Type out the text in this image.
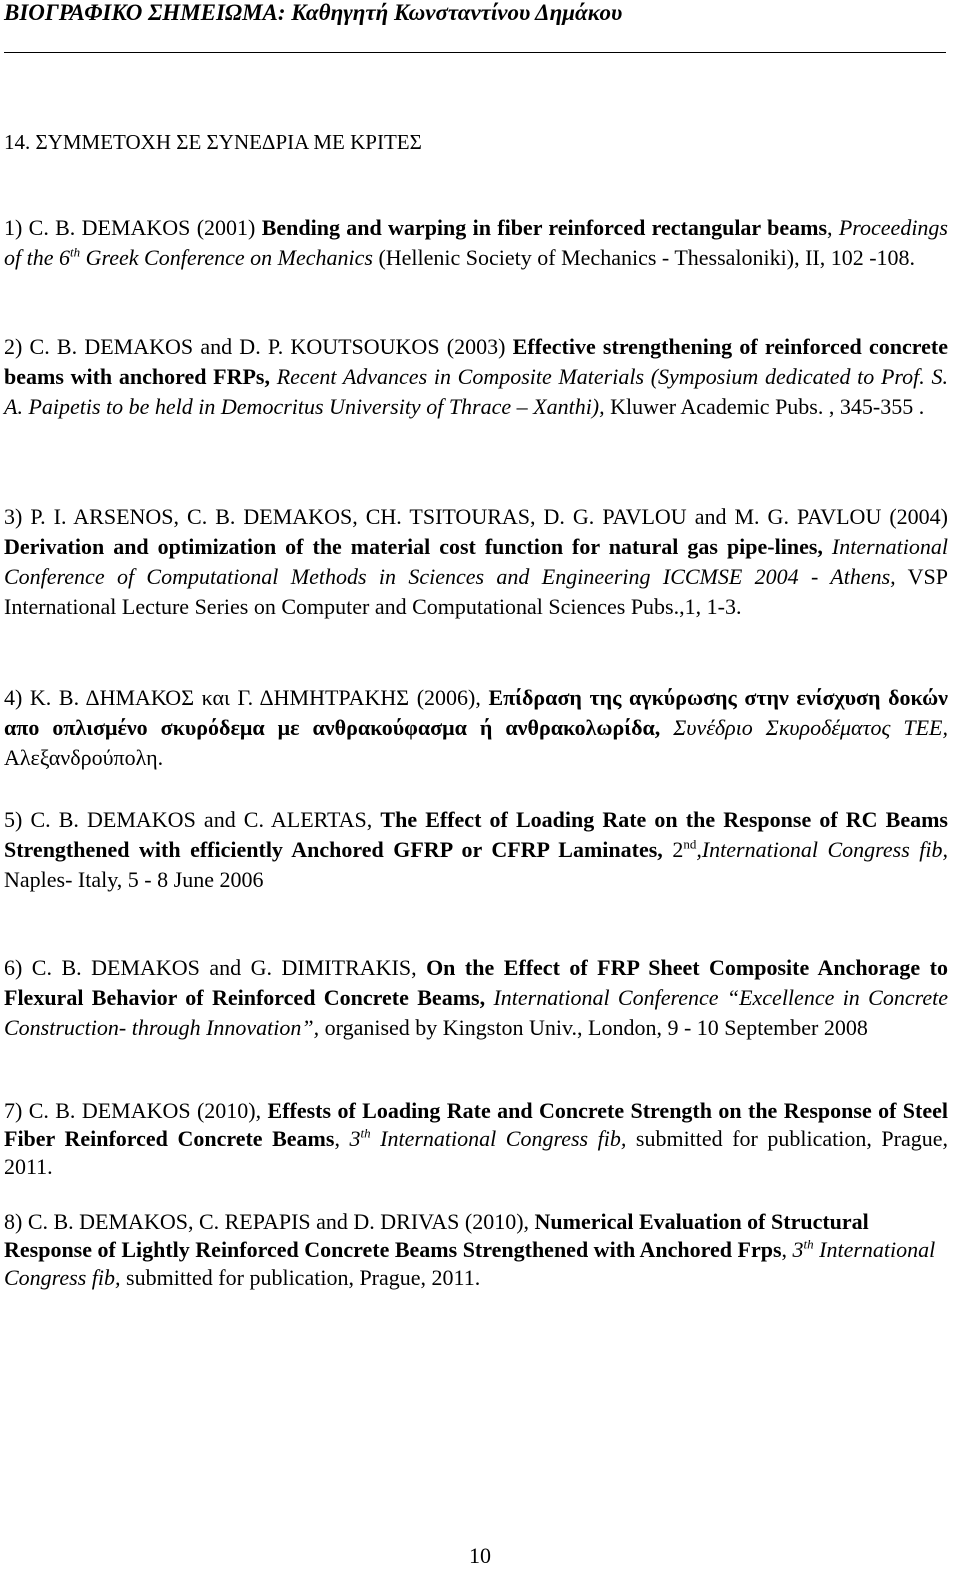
ΒΙΟΓΡΑΦΙΚΟ ΣΗΜΕΙΩΜΑ: Καθηγητή Κωνσταντίνου Δημάκου
14. ΣΥΜΜΕΤΟΧΗ ΣΕ ΣΥΝΕΔΡΙΑ ΜΕ ΚΡΙΤΕΣ
1) C. B. DEMAKOS (2001) Bending and warping in fiber reinforced rectangular beams, Proceedings of the 6th Greek Conference on Mechanics (Hellenic Society of Mechanics - Thessaloniki), II, 102 -108.
2) C. B. DEMAKOS and D. P. KOUTSOUKOS (2003) Effective strengthening of reinforced concrete beams with anchored FRPs, Recent Advances in Composite Materials (Symposium dedicated to Prof. S. A. Paipetis to be held in Democritus University of Thrace – Xanthi), Kluwer Academic Pubs. , 345-355 .
3) P. I. ARSENOS, C. B. DEMAKOS, CH. TSITOURAS, D. G. PAVLOU and M. G. PAVLOU (2004) Derivation and optimization of the material cost function for natural gas pipe-lines, International Conference of Computational Methods in Sciences and Engineering ICCMSE 2004 - Athens, VSP International Lecture Series on Computer and Computational Sciences Pubs.,1, 1-3.
4) Κ. Β. ΔΗΜΑΚΟΣ και Γ. ΔΗΜΗΤΡΑΚΗΣ (2006), Επίδραση της αγκύρωσης στην ενίσχυση δοκών απο οπλισμένο σκυρόδεμα με ανθρακούφασμα ή ανθρακολωρίδα, Συνέδριο Σκυροδέματος ΤΕΕ, Αλεξανδρούπολη.
5) C. B. DEMAKOS and C. ALERTAS, The Effect of Loading Rate on the Response of RC Beams Strengthened with efficiently Anchored GFRP or CFRP Laminates, 2nd,International Congress fib, Naples- Italy, 5 - 8 June 2006
6) C. B. DEMAKOS and G. DIMITRAKIS, On the Effect of FRP Sheet Composite Anchorage to Flexural Behavior of Reinforced Concrete Beams, International Conference “Excellence in Concrete Construction- through Innovation”, organised by Kingston Univ., London, 9 - 10 September 2008
7) C. B. DEMAKOS (2010), Effests of Loading Rate and Concrete Strength on the Response of Steel Fiber Reinforced Concrete Beams, 3th International Congress fib, submitted for publication, Prague, 2011.
8) C. B. DEMAKOS, C. REPAPIS and D. DRIVAS (2010), Numerical Evaluation of Structural Response of Lightly Reinforced Concrete Beams Strengthened with Anchored Frps, 3th International Congress fib, submitted for publication, Prague, 2011.
10
